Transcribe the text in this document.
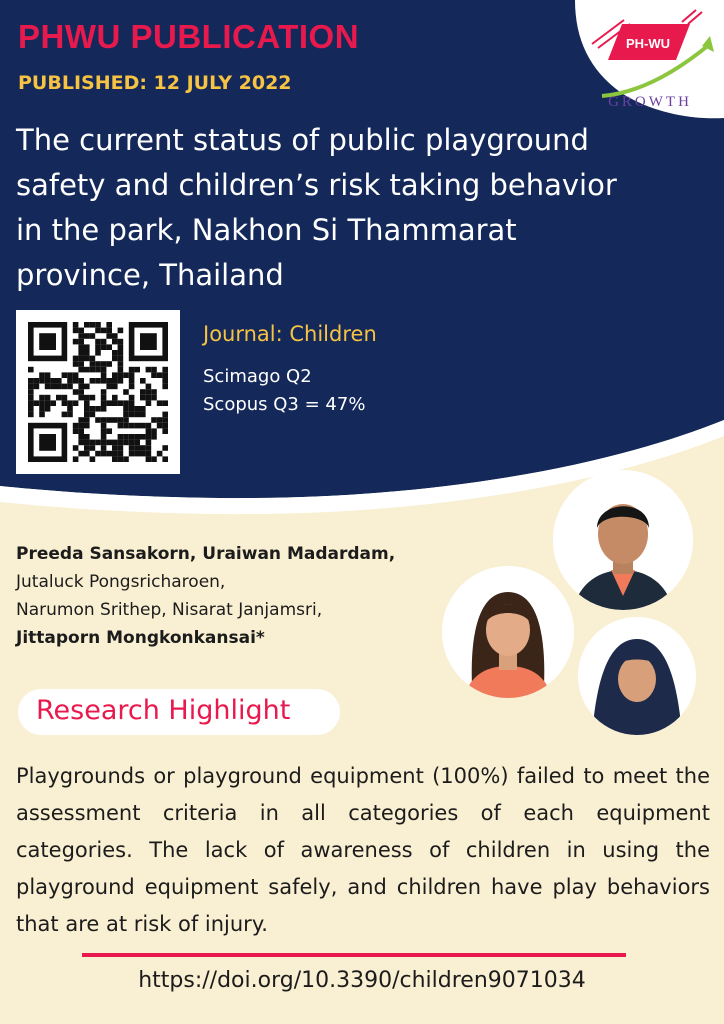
PHWU PUBLICATION
PUBLISHED: 12 JULY 2022
PH-WU
GROWTH
The current status of public playground
safety and children’s risk taking behavior
in the park, Nakhon Si Thammarat
province, Thailand
Journal: Children
Scimago Q2
Scopus Q3 = 47%
Preeda Sansakorn, Uraiwan Madardam,
Jutaluck Pongsricharoen,
Narumon Srithep, Nisarat Janjamsri,
Jittaporn Mongkonkansai*
Research Highlight
Playgrounds or playground equipment (100%) failed to meet the assessment criteria in all categories of each equipment categories. The lack of awareness of children in using the playground equipment safely, and children have play behaviors that are at risk of injury.
https://doi.org/10.3390/children9071034
